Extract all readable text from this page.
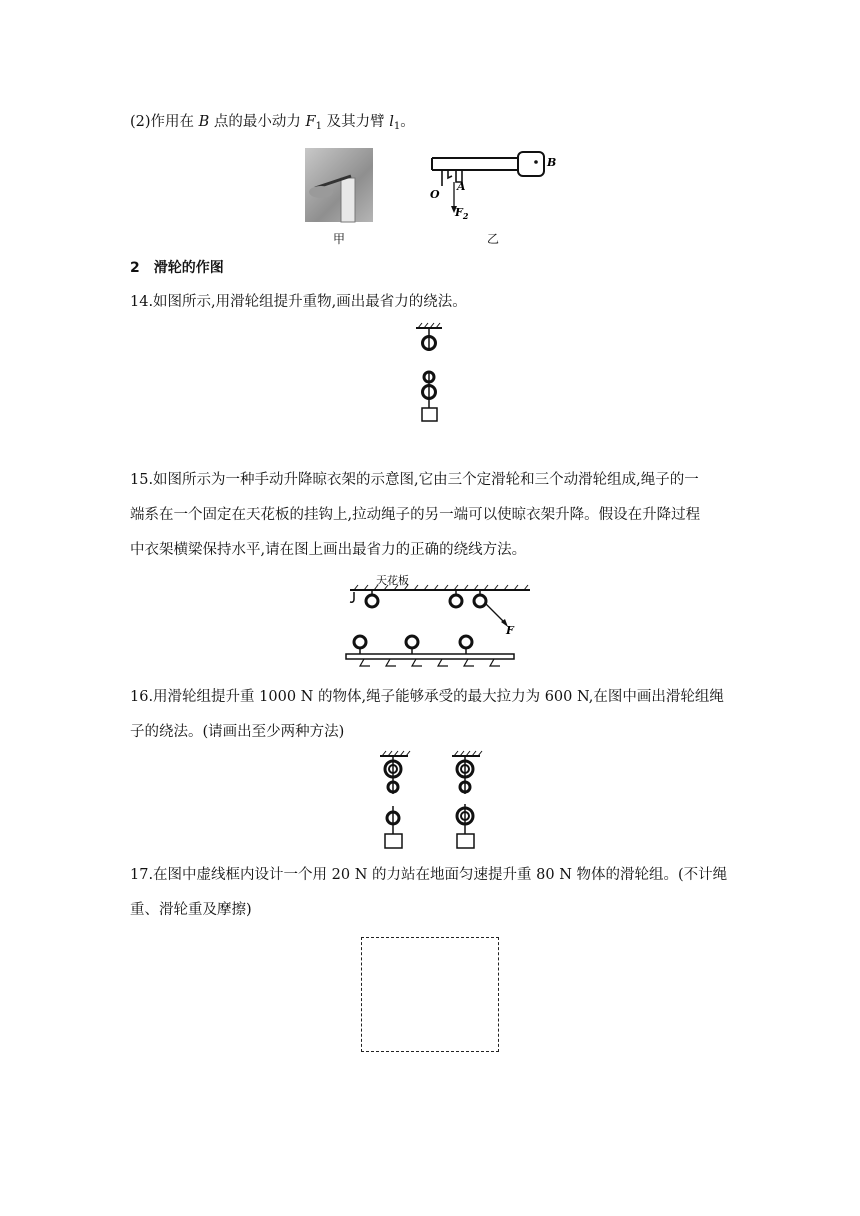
(2)作用在 B 点的最小动力 $F_1$ 及其力臂 $l_1$。
甲
B
O
A
$F_2$
乙
2　滑轮的作图
14.如图所示,用滑轮组提升重物,画出最省力的绕法。
15.如图所示为一种手动升降晾衣架的示意图,它由三个定滑轮和三个动滑轮组成,绳子的一
端系在一个固定在天花板的挂钩上,拉动绳子的另一端可以使晾衣架升降。假设在升降过程
中衣架横梁保持水平,请在图上画出最省力的正确的绕线方法。
天花板
F
16.用滑轮组提升重 1000 N 的物体,绳子能够承受的最大拉力为 600 N,在图中画出滑轮组绳
子的绕法。(请画出至少两种方法)
17.在图中虚线框内设计一个用 20 N 的力站在地面匀速提升重 80 N 物体的滑轮组。(不计绳
重、滑轮重及摩擦)
